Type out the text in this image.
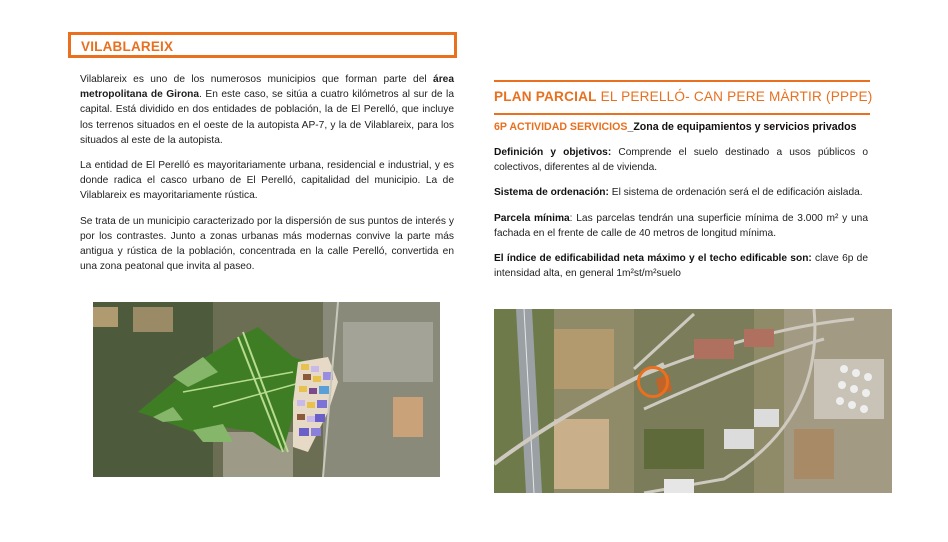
VILABLAREIX

Vilablareix es uno de los numerosos municipios que forman parte del área metropolitana de Girona. En este caso, se sitúa a cuatro kilómetros al sur de la capital. Está dividido en dos entidades de población, la de El Perelló, que incluye los terrenos situados en el oeste de la autopista AP-7, y la de Vilablareix, para los situados al este de la autopista.

La entidad de El Perelló es mayoritariamente urbana, residencial e industrial, y es donde radica el casco urbano de El Perelló, capitalidad del municipio. La de Vilablareix es mayoritariamente rústica.

Se trata de un municipio caracterizado por la dispersión de sus puntos de interés y por los contrastes. Junto a zonas urbanas más modernas convive la parte más antigua y rústica de la población, concentrada en la calle Perelló, convertida en una zona peatonal que invita al paseo.

PLAN PARCIAL EL PERELLÓ- CAN PERE MÀRTIR (PPPE)
6P ACTIVIDAD SERVICIOS_Zona de equipamientos y servicios privados

Definición y objetivos: Comprende el suelo destinado a usos públicos o colectivos, diferentes al de vivienda.

Sistema de ordenación: El sistema de ordenación será el de edificación aislada.

Parcela mínima: Las parcelas tendrán una superficie mínima de 3.000 m² y una fachada en el frente de calle de 40 metros de longitud mínima.

El índice de edificabilidad neta máximo y el techo edificable son: clave 6p de intensidad alta, en general 1m²st/m²suelo
